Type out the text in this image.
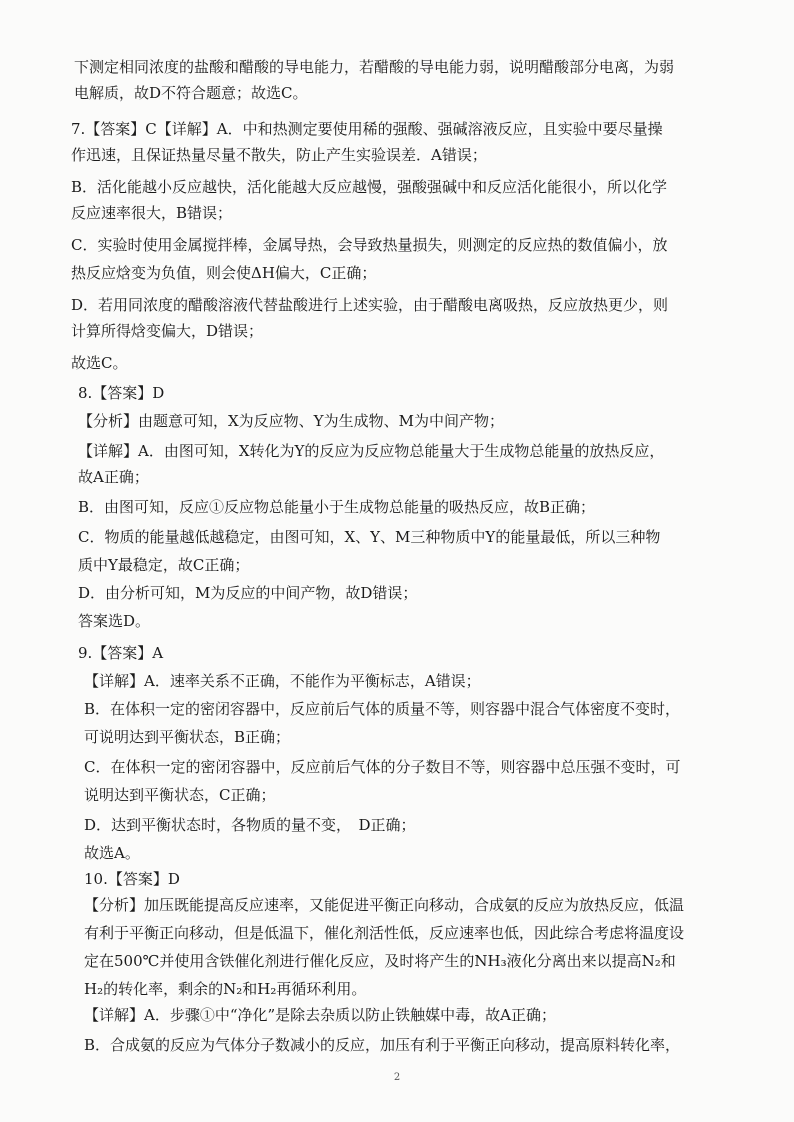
下测定相同浓度的盐酸和醋酸的导电能力，若醋酸的导电能力弱，说明醋酸部分电离，为弱
电解质，故D不符合题意；故选C。
7.【答案】C【详解】A．中和热测定要使用稀的强酸、强碱溶液反应，且实验中要尽量操
作迅速，且保证热量尽量不散失，防止产生实验误差．A错误；
B．活化能越小反应越快，活化能越大反应越慢，强酸强碱中和反应活化能很小，所以化学
反应速率很大，B错误；
C．实验时使用金属搅拌棒，金属导热，会导致热量损失，则测定的反应热的数值偏小，放
热反应焓变为负值，则会使ΔH偏大，C正确；
D．若用同浓度的醋酸溶液代替盐酸进行上述实验，由于醋酸电离吸热，反应放热更少，则
计算所得焓变偏大，D错误；
故选C。
8.【答案】D
【分析】由题意可知，X为反应物、Y为生成物、M为中间产物；
【详解】A．由图可知，X转化为Y的反应为反应物总能量大于生成物总能量的放热反应，
故A正确；
B．由图可知，反应①反应物总能量小于生成物总能量的吸热反应，故B正确；
C．物质的能量越低越稳定，由图可知，X、Y、M三种物质中Y的能量最低，所以三种物
质中Y最稳定，故C正确；
D．由分析可知，M为反应的中间产物，故D错误；
答案选D。
9.【答案】A
【详解】A．速率关系不正确，不能作为平衡标志，A错误；
B．在体积一定的密闭容器中，反应前后气体的质量不等，则容器中混合气体密度不变时，
可说明达到平衡状态，B正确；
C．在体积一定的密闭容器中，反应前后气体的分子数目不等，则容器中总压强不变时，可
说明达到平衡状态，C正确；
D．达到平衡状态时，各物质的量不变，　D正确；
故选A。
10.【答案】D
【分析】加压既能提高反应速率，又能促进平衡正向移动，合成氨的反应为放热反应，低温
有利于平衡正向移动，但是低温下，催化剂活性低，反应速率也低，因此综合考虑将温度设
定在500℃并使用含铁催化剂进行催化反应，及时将产生的NH₃液化分离出来以提高N₂和
H₂的转化率，剩余的N₂和H₂再循环利用。
【详解】A．步骤①中“净化”是除去杂质以防止铁触媒中毒，故A正确；
B．合成氨的反应为气体分子数减小的反应，加压有利于平衡正向移动，提高原料转化率，
2
